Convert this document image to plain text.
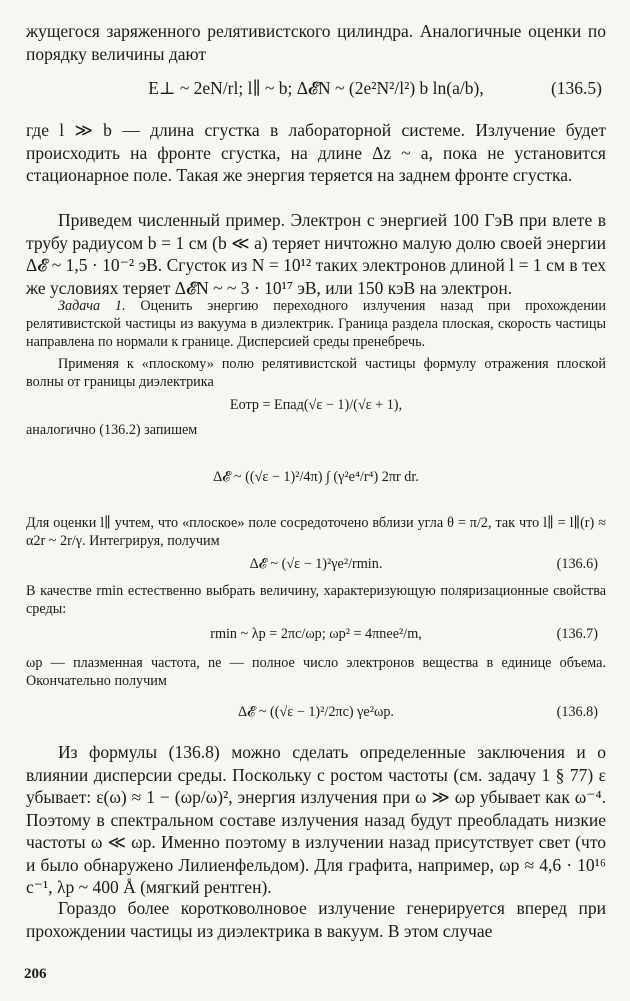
жущегося заряженного релятивистского цилиндра. Аналогичные оценки по порядку величины дают

E⊥ ~ 2eN/rl; l∥ ~ b; Δ𝓔N ~ (2e²N²/l²) b ln(a/b),	(136.5)

где l ≫ b — длина сгустка в лабораторной системе. Излучение будет происходить на фронте сгустка, на длине Δz ~ a, пока не установится стационарное поле. Такая же энергия теряется на заднем фронте сгустка.

Приведем численный пример. Электрон с энергией 100 ГэВ при влете в трубу радиусом b = 1 см (b ≪ a) теряет ничтожно малую долю своей энергии Δ𝓔 ~ 1,5 · 10⁻² эВ. Сгусток из N = 10¹² таких электронов длиной l = 1 см в тех же условиях теряет Δ𝓔N ~ ~ 3 · 10¹⁷ эВ, или 150 кэВ на электрон.

Задача 1. Оценить энергию переходного излучения назад при прохождении релятивистской частицы из вакуума в диэлектрик. Граница раздела плоская, скорость частицы направлена по нормали к границе. Дисперсией среды пренебречь.

Применяя к «плоскому» полю релятивистской частицы формулу отражения плоской волны от границы диэлектрика

Eотр = Eпад(√ε − 1)/(√ε + 1),

аналогично (136.2) запишем

Δ𝓔 ~ ((√ε − 1)²/4π) ∫ (γ²e⁴/r⁴) 2πr dr.

Для оценки l∥ учтем, что «плоское» поле сосредоточено вблизи угла θ = π/2, так что l∥ = l∥(r) ≈ α2r ~ 2r/γ. Интегрируя, получим

Δ𝓔 ~ (√ε − 1)²γe²/rmin.	(136.6)

В качестве rmin естественно выбрать величину, характеризующую поляризационные свойства среды:

rmin ~ λp = 2πc/ωp; ωp² = 4πnee²/m,	(136.7)

ωp — плазменная частота, ne — полное число электронов вещества в единице объема. Окончательно получим

Δ𝓔 ~ ((√ε − 1)²/2πc) γe²ωp.	(136.8)

Из формулы (136.8) можно сделать определенные заключения и о влиянии дисперсии среды. Поскольку с ростом частоты (см. задачу 1 § 77) ε убывает: ε(ω) ≈ 1 − (ωp/ω)², энергия излучения при ω ≫ ωp убывает как ω⁻⁴. Поэтому в спектральном составе излучения назад будут преобладать низкие частоты ω ≪ ωp. Именно поэтому в излучении назад присутствует свет (что и было обнаружено Лилиенфельдом). Для графита, например, ωp ≈ 4,6 · 10¹⁶ с⁻¹, λp ~ 400 Å (мягкий рентген).

Гораздо более коротковолновое излучение генерируется вперед при прохождении частицы из диэлектрика в вакуум. В этом случае

206
